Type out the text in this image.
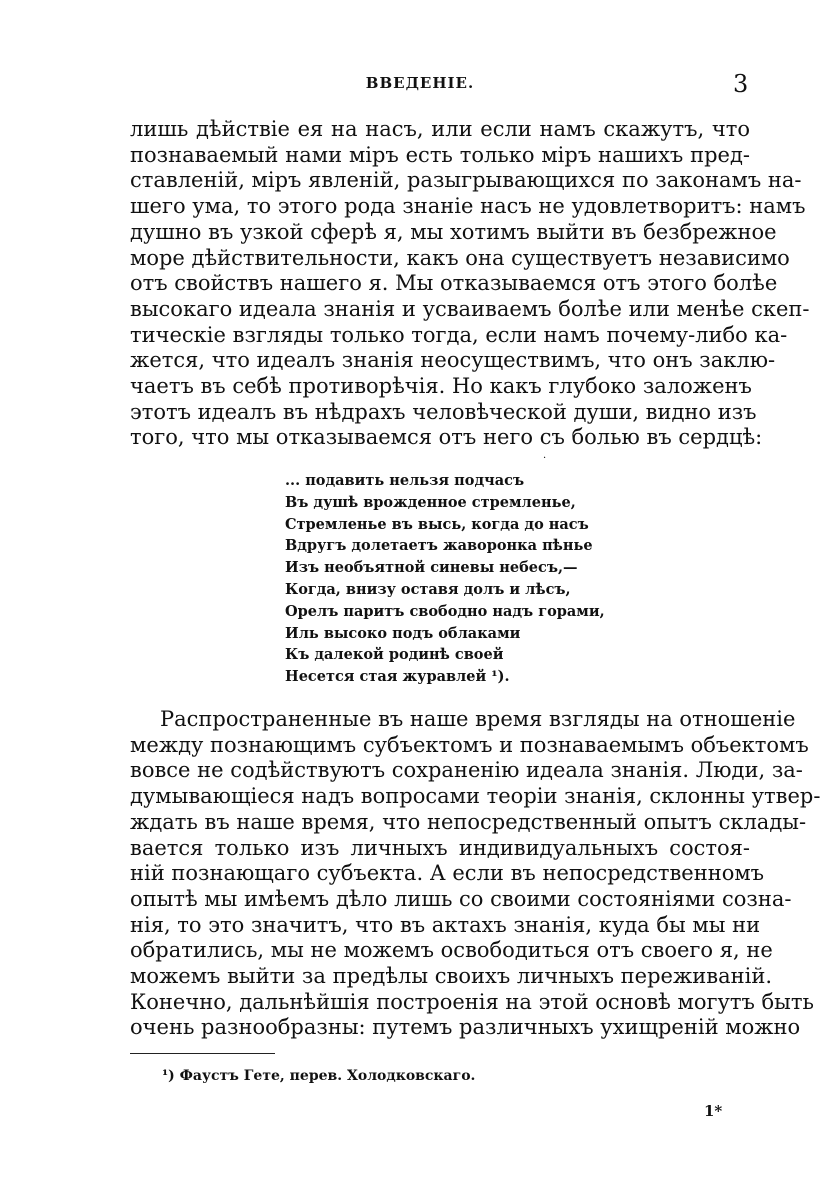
ВВЕДЕНІЕ.	3
лишь дѣйствіе ея на насъ, или если намъ скажутъ, что
познаваемый нами міръ есть только міръ нашихъ пред-
ставленій, міръ явленій, разыгрывающихся по законамъ на-
шего ума, то этого рода знаніе насъ не удовлетворитъ: намъ
душно въ узкой сферѣ я, мы хотимъ выйти въ безбрежное
море дѣйствительности, какъ она существуетъ независимо
отъ свойствъ нашего я. Мы отказываемся отъ этого болѣе
высокаго идеала знанія и усваиваемъ болѣе или менѣе скеп-
тическіе взгляды только тогда, если намъ почему-либо ка-
жется, что идеалъ знанія неосуществимъ, что онъ заклю-
чаетъ въ себѣ противорѣчія. Но какъ глубоко заложенъ
этотъ идеалъ въ нѣдрахъ человѣческой души, видно изъ
того, что мы отказываемся отъ него съ болью въ сердцѣ:
·
... подавить нельзя подчасъ
Въ душѣ врожденное стремленье,
Стремленье въ высь, когда до насъ
Вдругъ долетаетъ жаворонка пѣнье
Изъ необъятной синевы небесъ,—
Когда, внизу оставя долъ и лѣсъ,
Орелъ паритъ свободно надъ горами,
Иль высоко подъ облаками
Къ далекой родинѣ своей
Несется стая журавлей ¹).
Распространенные въ наше время взгляды на отношеніе
между познающимъ субъектомъ и познаваемымъ объектомъ
вовсе не содѣйствуютъ сохраненію идеала знанія. Люди, за-
думывающіеся надъ вопросами теоріи знанія, склонны утвер-
ждать въ наше время, что непосредственный опытъ склады-
вается только изъ личныхъ индивидуальныхъ состоя-
ній познающаго субъекта. А если въ непосредственномъ
опытѣ мы имѣемъ дѣло лишь со своими состояніями созна-
нія, то это значитъ, что въ актахъ знанія, куда бы мы ни
обратились, мы не можемъ освободиться отъ своего я, не
можемъ выйти за предѣлы своихъ личныхъ переживаній.
Конечно, дальнѣйшія построенія на этой основѣ могутъ быть
очень разнообразны: путемъ различныхъ ухищреній можно
¹) Фаустъ Гете, перев. Холодковскаго.
1*
